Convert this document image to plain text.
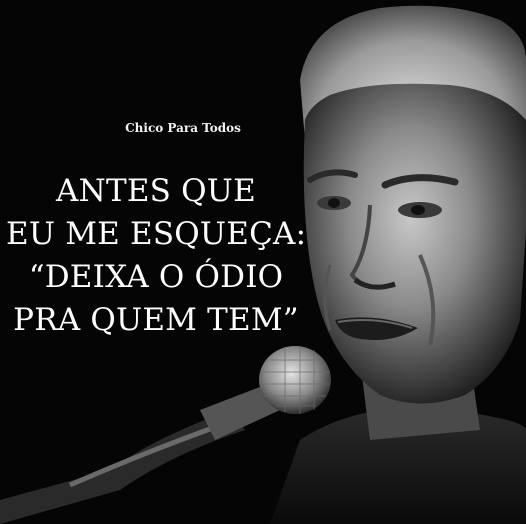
Chico Para Todos
ANTES QUE
EU ME ESQUEÇA:
“DEIXA O ÓDIO
PRA QUEM TEM”
